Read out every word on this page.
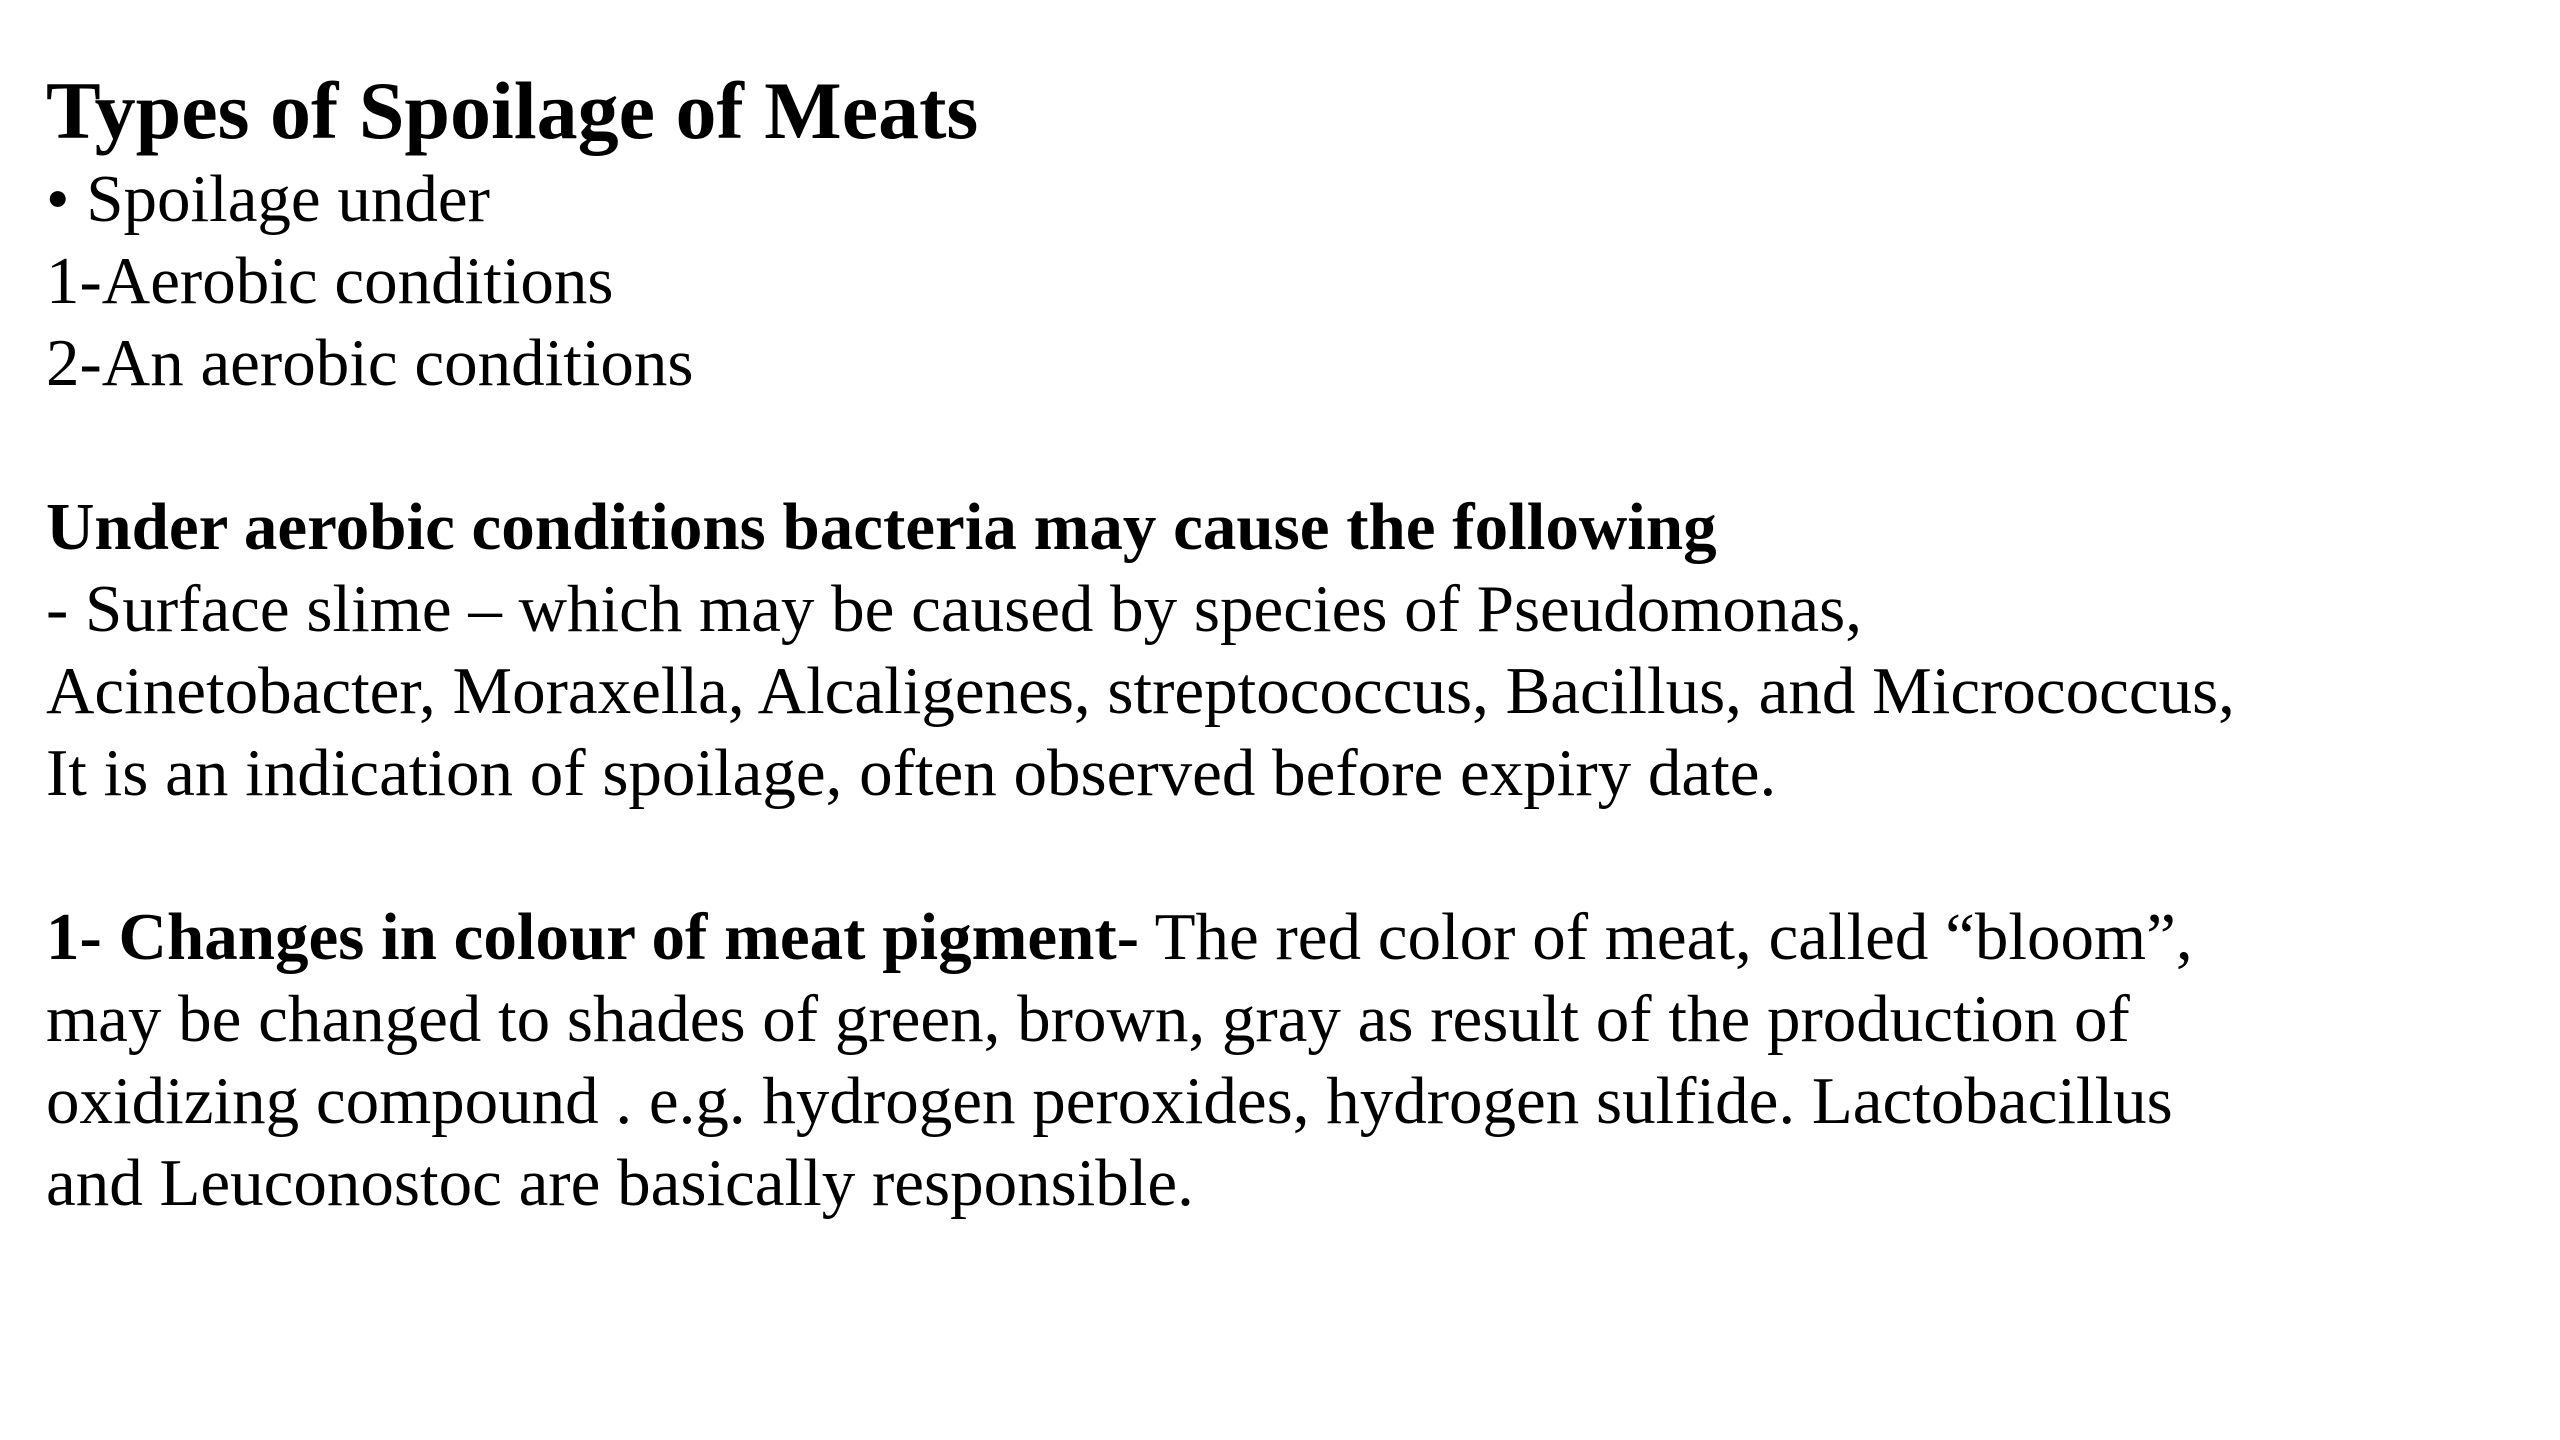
Types of Spoilage of Meats

• Spoilage under

1-Aerobic conditions

2-An aerobic conditions

Under aerobic conditions bacteria may cause the following

- Surface slime – which may be caused by species of Pseudomonas,

Acinetobacter, Moraxella, Alcaligenes, streptococcus, Bacillus, and Micrococcus,

It is an indication of spoilage, often observed before expiry date.

1- Changes in colour of meat pigment- The red color of meat, called “bloom”,

may be changed to shades of green, brown, gray as result of the production of

oxidizing compound . e.g. hydrogen peroxides, hydrogen sulfide. Lactobacillus

and Leuconostoc are basically responsible.
